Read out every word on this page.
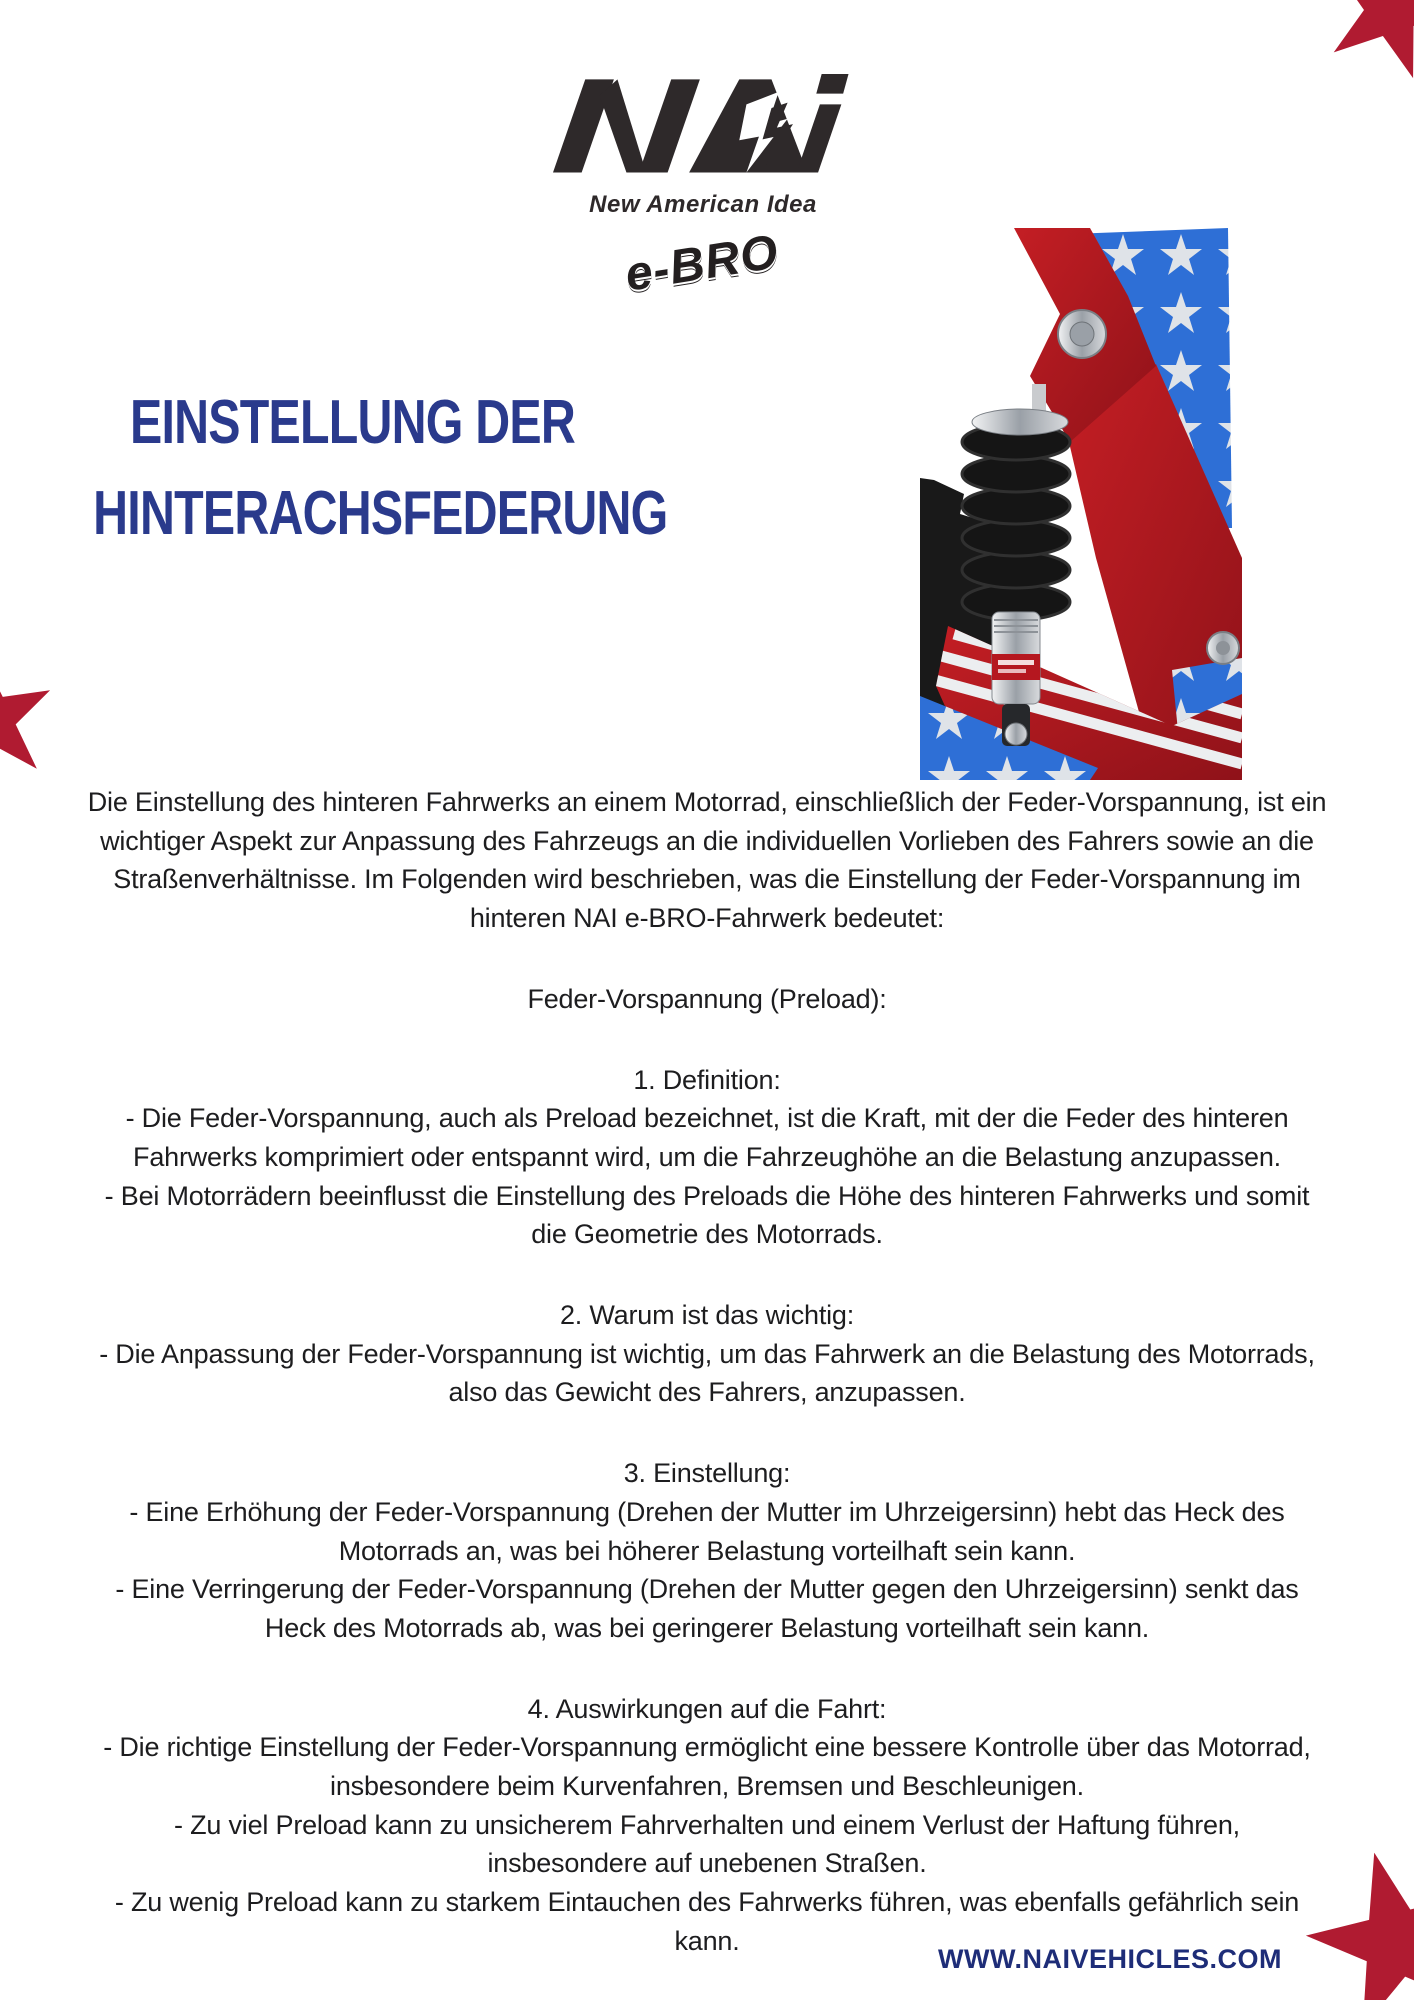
New American Idea
e-BRO
EINSTELLUNG DER
HINTERACHSFEDERUNG
Die Einstellung des hinteren Fahrwerks an einem Motorrad, einschließlich der Feder-Vorspannung, ist ein
wichtiger Aspekt zur Anpassung des Fahrzeugs an die individuellen Vorlieben des Fahrers sowie an die
Straßenverhältnisse. Im Folgenden wird beschrieben, was die Einstellung der Feder-Vorspannung im
hinteren NAI e-BRO-Fahrwerk bedeutet:
Feder-Vorspannung (Preload):
1. Definition:
- Die Feder-Vorspannung, auch als Preload bezeichnet, ist die Kraft, mit der die Feder des hinteren
Fahrwerks komprimiert oder entspannt wird, um die Fahrzeughöhe an die Belastung anzupassen.
- Bei Motorrädern beeinflusst die Einstellung des Preloads die Höhe des hinteren Fahrwerks und somit
die Geometrie des Motorrads.
2. Warum ist das wichtig:
- Die Anpassung der Feder-Vorspannung ist wichtig, um das Fahrwerk an die Belastung des Motorrads,
also das Gewicht des Fahrers, anzupassen.
3. Einstellung:
- Eine Erhöhung der Feder-Vorspannung (Drehen der Mutter im Uhrzeigersinn) hebt das Heck des
Motorrads an, was bei höherer Belastung vorteilhaft sein kann.
- Eine Verringerung der Feder-Vorspannung (Drehen der Mutter gegen den Uhrzeigersinn) senkt das
Heck des Motorrads ab, was bei geringerer Belastung vorteilhaft sein kann.
4. Auswirkungen auf die Fahrt:
- Die richtige Einstellung der Feder-Vorspannung ermöglicht eine bessere Kontrolle über das Motorrad,
insbesondere beim Kurvenfahren, Bremsen und Beschleunigen.
- Zu viel Preload kann zu unsicherem Fahrverhalten und einem Verlust der Haftung führen,
insbesondere auf unebenen Straßen.
- Zu wenig Preload kann zu starkem Eintauchen des Fahrwerks führen, was ebenfalls gefährlich sein
kann.
WWW.NAIVEHICLES.COM
